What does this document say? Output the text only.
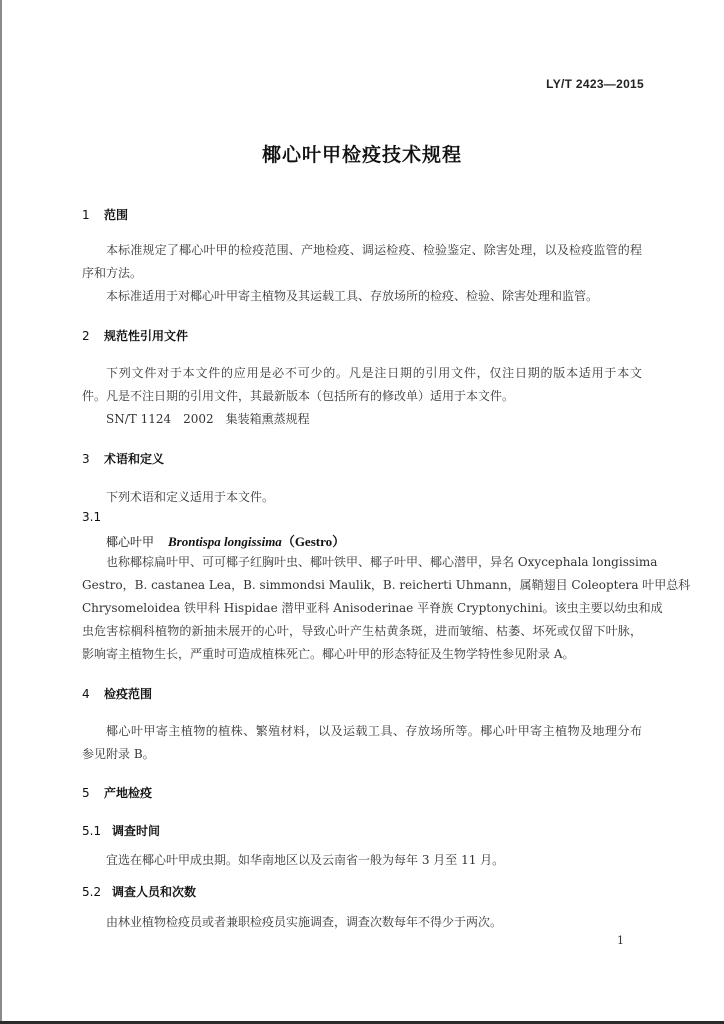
LY/T 2423—2015
椰心叶甲检疫技术规程
1 范围
本标准规定了椰心叶甲的检疫范围、产地检疫、调运检疫、检验鉴定、除害处理，以及检疫监管的程
序和方法。
本标准适用于对椰心叶甲寄主植物及其运载工具、存放场所的检疫、检验、除害处理和监管。
2 规范性引用文件
下列文件对于本文件的应用是必不可少的。凡是注日期的引用文件，仅注日期的版本适用于本文
件。凡是不注日期的引用文件，其最新版本（包括所有的修改单）适用于本文件。
SN/T 1124　2002　集装箱熏蒸规程
3 术语和定义
下列术语和定义适用于本文件。
3.1
椰心叶甲 Brontispa longissima（Gestro）
也称椰棕扁叶甲、可可椰子红胸叶虫、椰叶铁甲、椰子叶甲、椰心潜甲，异名 Oxycephala longissima
Gestro，B. castanea Lea，B. simmondsi Maulik，B. reicherti Uhmann，属鞘翅目 Coleoptera 叶甲总科
Chrysomeloidea 铁甲科 Hispidae 潜甲亚科 Anisoderinae 平脊族 Cryptonychini。该虫主要以幼虫和成
虫危害棕榈科植物的新抽未展开的心叶，导致心叶产生枯黄条斑，进而皱缩、枯萎、坏死或仅留下叶脉，
影响寄主植物生长，严重时可造成植株死亡。椰心叶甲的形态特征及生物学特性参见附录 A。
4 检疫范围
椰心叶甲寄主植物的植株、繁殖材料，以及运载工具、存放场所等。椰心叶甲寄主植物及地理分布
参见附录 B。
5 产地检疫
5.1 调查时间
宜选在椰心叶甲成虫期。如华南地区以及云南省一般为每年 3 月至 11 月。
5.2 调查人员和次数
由林业植物检疫员或者兼职检疫员实施调查，调查次数每年不得少于两次。
1
